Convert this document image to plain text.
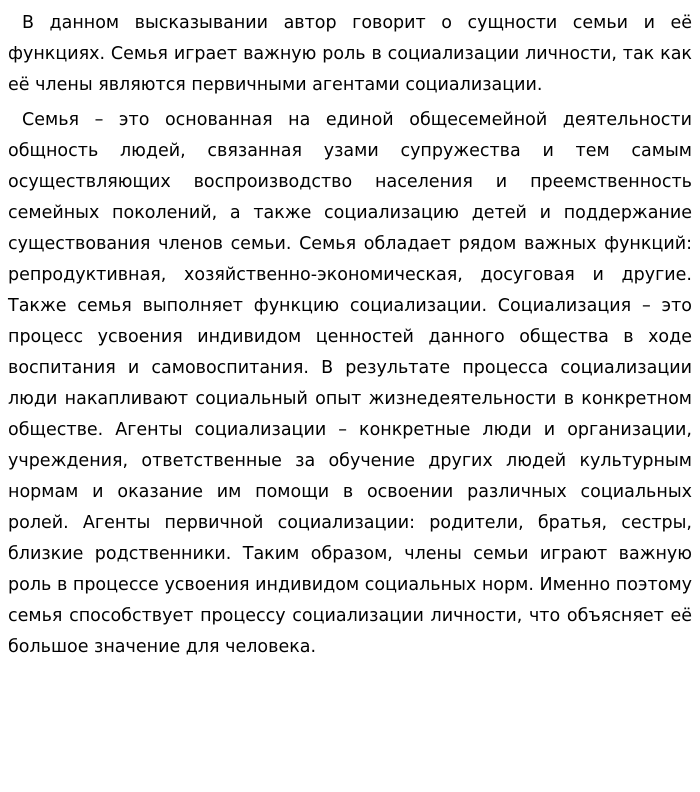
В данном высказывании автор говорит о сущности семьи и её функциях. Семья играет важную роль в социализации личности, так как её члены являются первичными агентами социализации.

Семья – это основанная на единой общесемейной деятельности общность людей, связанная узами супружества и тем самым осуществляющих воспроизводство населения и преемственность семейных поколений, а также социализацию детей и поддержание существования членов семьи. Семья обладает рядом важных функций: репродуктивная, хозяйственно-экономическая, досуговая и другие. Также семья выполняет функцию социализации. Социализация – это процесс усвоения индивидом ценностей данного общества в ходе воспитания и самовоспитания. В результате процесса социализации люди накапливают социальный опыт жизнедеятельности в конкретном обществе. Агенты социализации – конкретные люди и организации, учреждения, ответственные за обучение других людей культурным нормам и оказание им помощи в освоении различных социальных ролей. Агенты первичной социализации: родители, братья, сестры, близкие родственники. Таким образом, члены семьи играют важную роль в процессе усвоения индивидом социальных норм. Именно поэтому семья способствует процессу социализации личности, что объясняет её большое значение для человека.
